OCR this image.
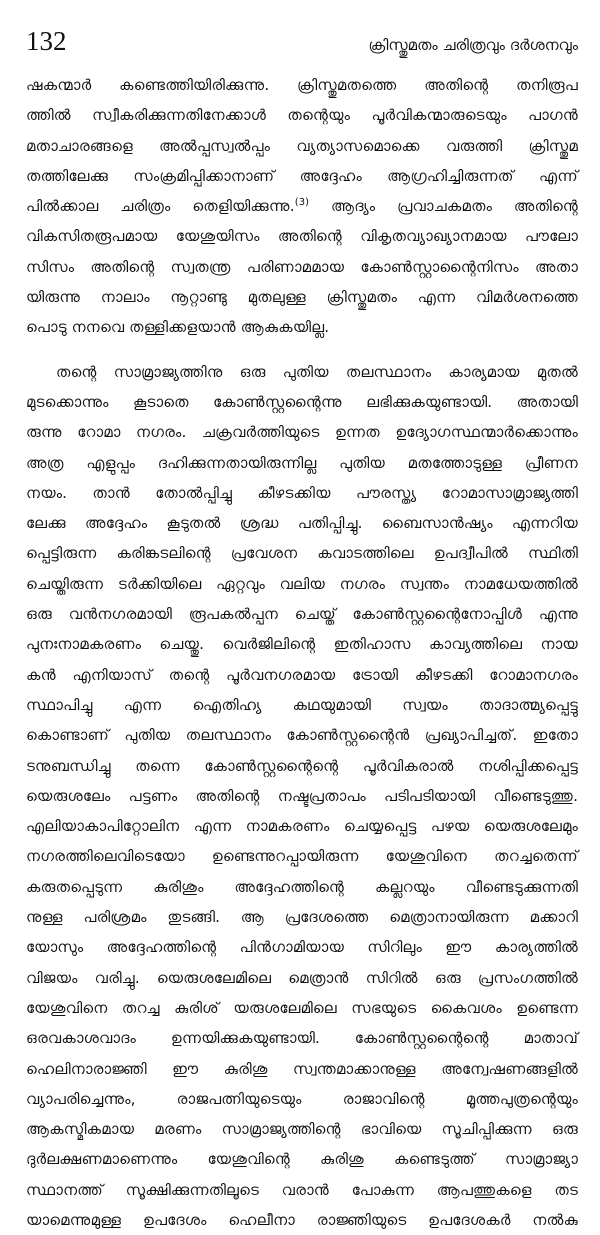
132	ക്രിസ്തുമതം ചരിത്രവും ദർശനവും
ഷകന്മാർ കണ്ടെത്തിയിരിക്കുന്നു. ക്രിസ്തുമതത്തെ അതിന്റെ തനിരൂപ
ത്തിൽ സ്വീകരിക്കുന്നതിനേക്കാൾ തന്റെയും പൂർവികന്മാരുടെയും പാഗൻ
മതാചാരങ്ങളെ അൽപ്പസ്വൽപ്പം വ്യത്യാസമൊക്കെ വരുത്തി ക്രിസ്തുമ
തത്തിലേക്കു സംക്രമിപ്പിക്കാനാണ് അദ്ദേഹം ആഗ്രഹിച്ചിരുന്നത് എന്ന്
പിൽക്കാല ചരിത്രം തെളിയിക്കുന്നു.$^{(3)}$ ആദ്യം പ്രവാചകമതം അതിന്റെ
വികസിതരൂപമായ യേശുയിസം അതിന്റെ വികൃതവ്യാഖ്യാനമായ പൗലോ
സിസം അതിന്റെ സ്വതന്ത്ര പരിണാമമായ കോൺസ്റ്റാന്റൈനിസം അതാ
യിരുന്നു നാലാം നൂറ്റാണ്ടു മുതലുള്ള ക്രിസ്തുമതം എന്ന വിമർശനത്തെ
പൊടു നനവെ തള്ളിക്കളയാൻ ആകുകയില്ല.
തന്റെ സാമ്രാജ്യത്തിനു ഒരു പുതിയ തലസ്ഥാനം കാര്യമായ മുതൽ
മുടക്കൊന്നും കൂടാതെ കോൺസ്റ്റന്റൈന്നു ലഭിക്കുകയുണ്ടായി. അതായി
രുന്നു റോമാ നഗരം. ചക്രവർത്തിയുടെ ഉന്നത ഉദ്യോഗസ്ഥന്മാർക്കൊന്നും
അത്ര എളുപ്പം ദഹിക്കുന്നതായിരുന്നില്ല പുതിയ മതത്തോടുള്ള പ്രീണന
നയം. താൻ തോൽപ്പിച്ചു കീഴടക്കിയ പൗരസ്ത്യ റോമാസാമ്രാജ്യത്തി
ലേക്കു അദ്ദേഹം കൂടുതൽ ശ്രദ്ധ പതിപ്പിച്ചു. ബൈസാൻഷ്യം എന്നറിയ
പ്പെട്ടിരുന്ന കരിങ്കടലിന്റെ പ്രവേശന കവാടത്തിലെ ഉപദ്വീപിൽ സ്ഥിതി
ചെയ്തിരുന്ന ടർക്കിയിലെ ഏറ്റവും വലിയ നഗരം സ്വന്തം നാമധേയത്തിൽ
ഒരു വൻനഗരമായി രൂപകൽപ്പന ചെയ്ത് കോൺസ്റ്റന്റൈനോപ്പിൾ എന്നു
പുനഃനാമകരണം ചെയ്തു. വെർജിലിന്റെ ഇതിഹാസ കാവ്യത്തിലെ നായ
കൻ എനിയാസ് തന്റെ പൂർവനഗരമായ ട്രോയി കീഴടക്കി റോമാനഗരം
സ്ഥാപിച്ചു എന്ന ഐതിഹ്യ കഥയുമായി സ്വയം താദാത്മ്യപ്പെട്ടു
കൊണ്ടാണ് പുതിയ തലസ്ഥാനം കോൺസ്റ്റന്റൈൻ പ്രഖ്യാപിച്ചത്. ഇതോ
ടനുബന്ധിച്ചു തന്നെ കോൺസ്റ്റന്റൈന്റെ പൂർവികരാൽ നശിപ്പിക്കപ്പെട്ട
യെരുശലേം പട്ടണം അതിന്റെ നഷ്ടപ്രതാപം പടിപടിയായി വീണ്ടെടുത്തു.
എലിയാകാപിറ്റോലിന എന്ന നാമകരണം ചെയ്യപ്പെട്ട പഴയ യെരുശലേമും
നഗരത്തിലെവിടെയോ ഉണ്ടെന്നുറപ്പായിരുന്ന യേശുവിനെ തറച്ചതെന്ന്
കരുതപ്പെടുന്ന കുരിശും അദ്ദേഹത്തിന്റെ കല്ലറയും വീണ്ടെടുക്കുന്നതി
നുള്ള പരിശ്രമം തുടങ്ങി. ആ പ്രദേശത്തെ മെത്രാനായിരുന്ന മക്കാറി
യോസും അദ്ദേഹത്തിന്റെ പിൻഗാമിയായ സിറിലും ഈ കാര്യത്തിൽ
വിജയം വരിച്ചു. യെരുശലേമിലെ മെത്രാൻ സിറിൽ ഒരു പ്രസംഗത്തിൽ
യേശുവിനെ തറച്ച കുരിശ് യരുശലേമിലെ സഭയുടെ കൈവശം ഉണ്ടെന്ന
ഒരവകാശവാദം ഉന്നയിക്കുകയുണ്ടായി. കോൺസ്റ്റന്റൈന്റെ മാതാവ്
ഹെലിനാരാജ്ഞി ഈ കുരിശു സ്വന്തമാക്കാനുള്ള അന്വേഷണങ്ങളിൽ
വ്യാപരിച്ചെന്നും, രാജപത്നിയുടെയും രാജാവിന്റെ മൂത്തപുത്രന്റെയും
ആകസ്മികമായ മരണം സാമ്രാജ്യത്തിന്റെ ഭാവിയെ സൂചിപ്പിക്കുന്ന ഒരു
ദുർലക്ഷണമാണെന്നും യേശുവിന്റെ കുരിശു കണ്ടെടുത്ത് സാമ്രാജ്യാ
സ്ഥാനത്ത് സൂക്ഷിക്കുന്നതിലൂടെ വരാൻ പോകുന്ന ആപത്തുകളെ തട
യാമെന്നുമുള്ള ഉപദേശം ഹെലീനാ രാജ്ഞിയുടെ ഉപദേശകർ നൽകു
